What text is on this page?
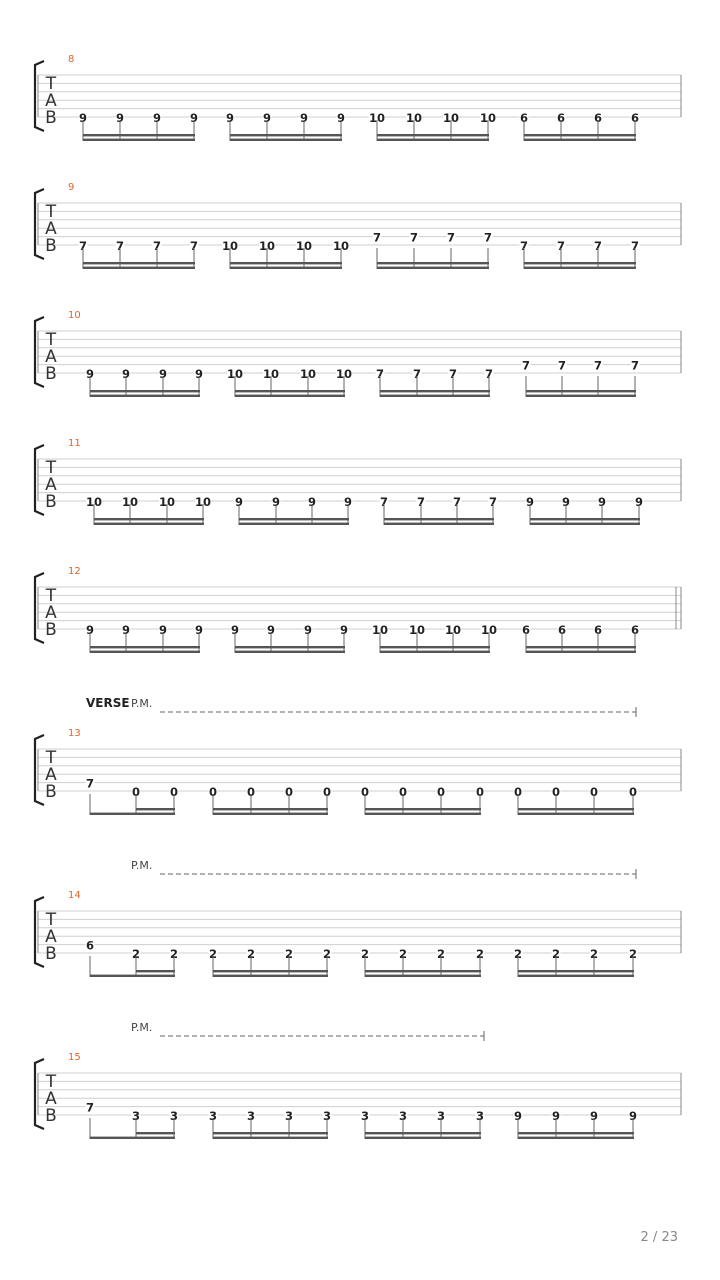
T
A
B
8
9	9	9	9 9	9	9	9 10 10 10 10 6	6	6	6
T
A
B
9
7	7	7	7 10 10 10 10
7	7	7	7
7	7	7	7
T
A
B
10
9 9	9 9 10 10 10 10 7	7 7 7
7 7 7	7
T
A
B
11
10 10 10 10 9	9 9 9 7	7 7 7	9 9 9	9
T
A
B
12
9 9	9 9 9 9	9 9 10 10 10 10 6 6 6	6
T
A
B
13
VERSE P.M.
7
0	0	0	0	0	0	0	0	0	0	0	0	0	0
T
A
B
14
P.M.
6
2	2	2	2	2	2	2	2	2	2	2	2	2	2
T
A
B
15
P.M.
7
3	3	3	3	3	3	3	3	3	3	9	9	9	9
2 / 23
